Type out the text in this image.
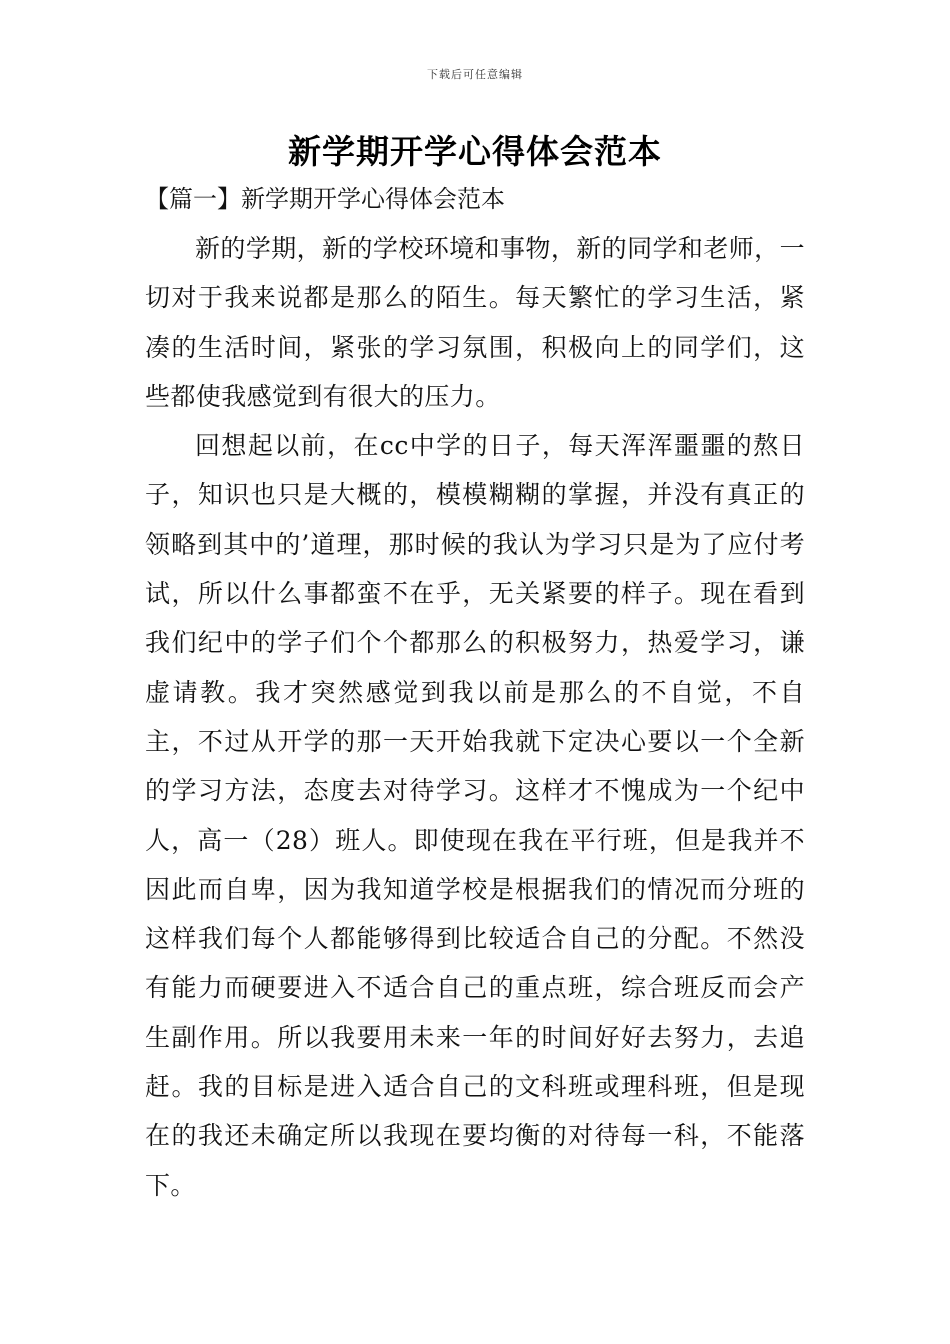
下载后可任意编辑
新学期开学心得体会范本
【篇一】新学期开学心得体会范本

新的学期，新的学校环境和事物，新的同学和老师，一切对于我来说都是那么的陌生。每天繁忙的学习生活，紧凑的生活时间，紧张的学习氛围，积极向上的同学们，这些都使我感觉到有很大的压力。

回想起以前，在cc中学的日子，每天浑浑噩噩的熬日子，知识也只是大概的，模模糊糊的掌握，并没有真正的领略到其中的’道理，那时候的我认为学习只是为了应付考试，所以什么事都蛮不在乎，无关紧要的样子。现在看到我们纪中的学子们个个都那么的积极努力，热爱学习，谦虚请教。我才突然感觉到我以前是那么的不自觉，不自主，不过从开学的那一天开始我就下定决心要以一个全新的学习方法，态度去对待学习。这样才不愧成为一个纪中人，高一（28）班人。即使现在我在平行班，但是我并不因此而自卑，因为我知道学校是根据我们的情况而分班的这样我们每个人都能够得到比较适合自己的分配。不然没有能力而硬要进入不适合自己的重点班，综合班反而会产生副作用。所以我要用未来一年的时间好好去努力，去追赶。我的目标是进入适合自己的文科班或理科班，但是现在的我还未确定所以我现在要均衡的对待每一科，不能落下。
